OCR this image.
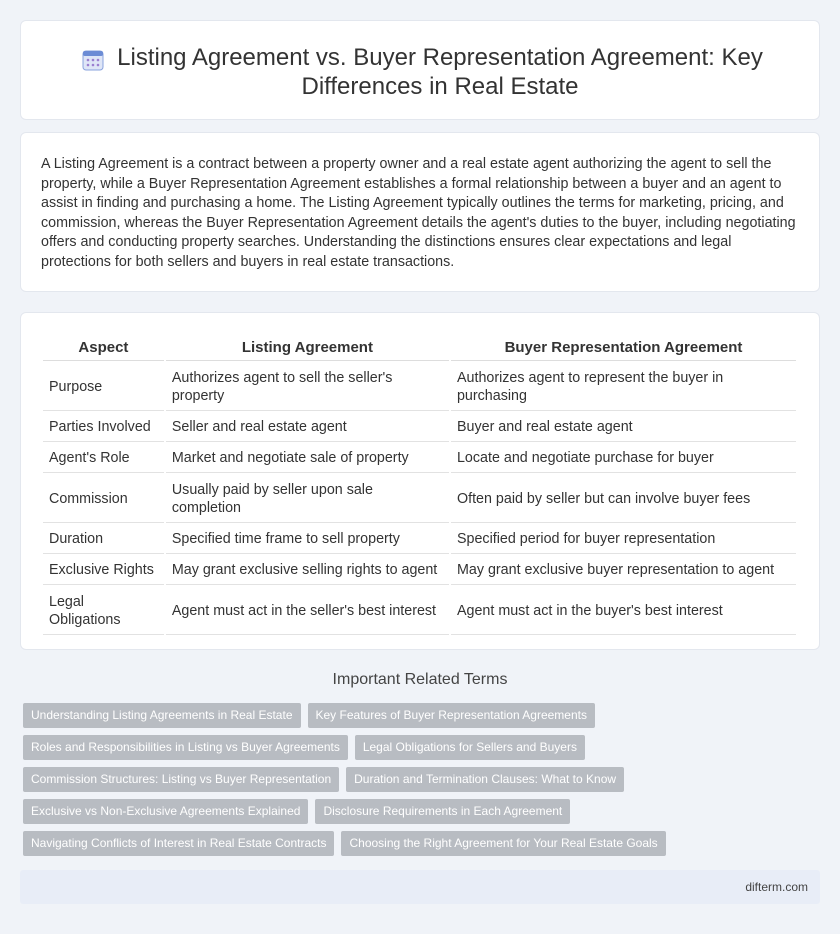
Listing Agreement vs. Buyer Representation Agreement: Key Differences in Real Estate

A Listing Agreement is a contract between a property owner and a real estate agent authorizing the agent to sell the property, while a Buyer Representation Agreement establishes a formal relationship between a buyer and an agent to assist in finding and purchasing a home. The Listing Agreement typically outlines the terms for marketing, pricing, and commission, whereas the Buyer Representation Agreement details the agent's duties to the buyer, including negotiating offers and conducting property searches. Understanding the distinctions ensures clear expectations and legal protections for both sellers and buyers in real estate transactions.

Aspect	Listing Agreement	Buyer Representation Agreement
Purpose	Authorizes agent to sell the seller's property	Authorizes agent to represent the buyer in purchasing
Parties Involved	Seller and real estate agent	Buyer and real estate agent
Agent's Role	Market and negotiate sale of property	Locate and negotiate purchase for buyer
Commission	Usually paid by seller upon sale completion	Often paid by seller but can involve buyer fees
Duration	Specified time frame to sell property	Specified period for buyer representation
Exclusive Rights	May grant exclusive selling rights to agent	May grant exclusive buyer representation to agent
Legal Obligations	Agent must act in the seller's best interest	Agent must act in the buyer's best interest
Important Related Terms
Understanding Listing Agreements in Real Estate Key Features of Buyer Representation Agreements
Roles and Responsibilities in Listing vs Buyer Agreements Legal Obligations for Sellers and Buyers
Commission Structures: Listing vs Buyer Representation Duration and Termination Clauses: What to Know
Exclusive vs Non-Exclusive Agreements Explained Disclosure Requirements in Each Agreement
Navigating Conflicts of Interest in Real Estate Contracts Choosing the Right Agreement for Your Real Estate Goals
difterm.com
